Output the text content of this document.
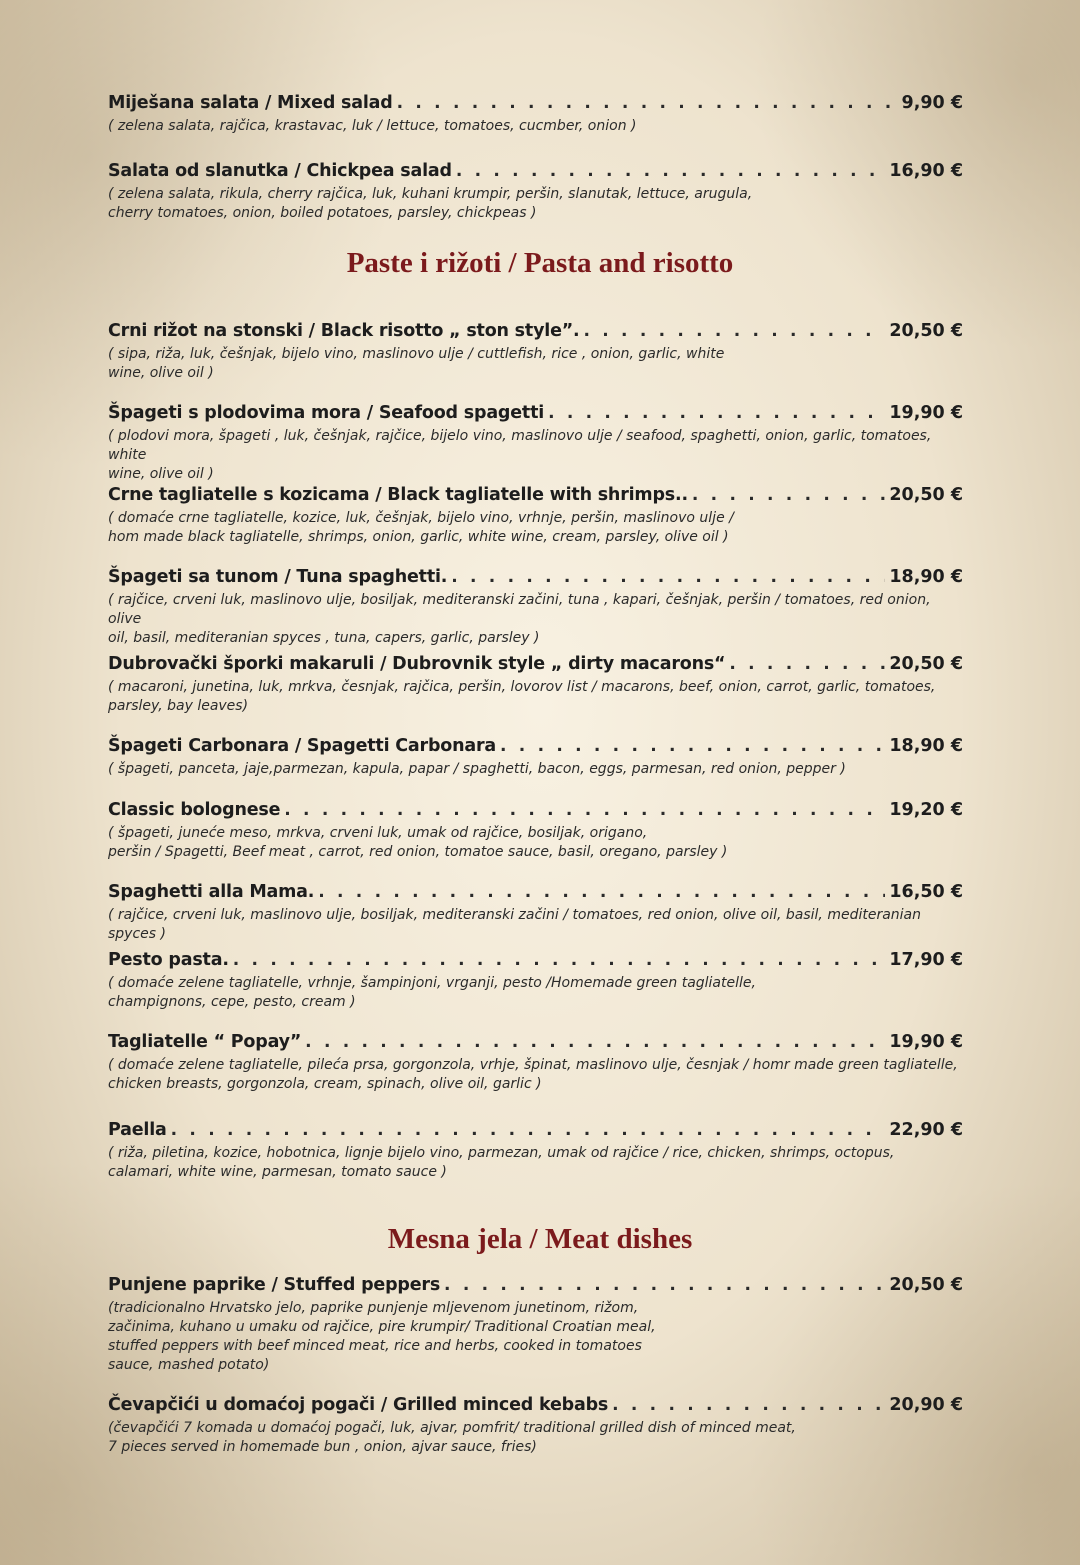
Miješana salata / Mixed salad . . .	9,90 €
( zelena salata, rajčica, krastavac, luk / lettuce, tomatoes, cucmber, onion )
Salata od slanutka / Chickpea salad . . .	16,90 €
( zelena salata, rikula, cherry rajčica, luk, kuhani krumpir, peršin, slanutak, lettuce, arugula,
cherry tomatoes, onion, boiled potatoes, parsley, chickpeas )
Paste i rižoti / Pasta and risotto
Crni rižot na stonski / Black risotto „ ston style”. . . .	20,50 €
( sipa, riža, luk, češnjak, bijelo vino, maslinovo ulje / cuttlefish, rice , onion, garlic, white
wine, olive oil )
Špageti s plodovima mora / Seafood spagetti . . .	19,90 €
( plodovi mora, špageti , luk, češnjak, rajčice, bijelo vino, maslinovo ulje / seafood, spaghetti, onion, garlic, tomatoes, white
wine, olive oil )
Crne tagliatelle s kozicama / Black tagliatelle with shrimps.. . . .	20,50 €
( domaće crne tagliatelle, kozice, luk, češnjak, bijelo vino, vrhnje, peršin, maslinovo ulje /
hom made black tagliatelle, shrimps, onion, garlic, white wine, cream, parsley, olive oil )
Špageti sa tunom / Tuna spaghetti. . . .	18,90 €
( rajčice, crveni luk, maslinovo ulje, bosiljak, mediteranski začini, tuna , kapari, češnjak, peršin / tomatoes, red onion, olive
oil, basil, mediteranian spyces , tuna, capers, garlic, parsley )
Dubrovački šporki makaruli / Dubrovnik style „ dirty macarons“ . . .	20,50 €
( macaroni, junetina, luk, mrkva, česnjak, rajčica, peršin, lovorov list / macarons, beef, onion, carrot, garlic, tomatoes,
parsley, bay leaves)
Špageti Carbonara / Spagetti Carbonara . . .	18,90 €
( špageti, panceta, jaje,parmezan, kapula, papar / spaghetti, bacon, eggs, parmesan, red onion, pepper )
Classic bolognese . . .	19,20 €
( špageti, juneće meso, mrkva, crveni luk, umak od rajčice, bosiljak, origano,
peršin / Spagetti, Beef meat , carrot, red onion, tomatoe sauce, basil, oregano, parsley )
Spaghetti alla Mama. . . .	16,50 €
( rajčice, crveni luk, maslinovo ulje, bosiljak, mediteranski začini / tomatoes, red onion, olive oil, basil, mediteranian spyces )
Pesto pasta. . . .	17,90 €
( domaće zelene tagliatelle, vrhnje, šampinjoni, vrganji, pesto /Homemade green tagliatelle,
champignons, cepe, pesto, cream )
Tagliatelle “ Popay” . . .	19,90 €
( domaće zelene tagliatelle, pileća prsa, gorgonzola, vrhje, špinat, maslinovo ulje, česnjak / homr made green tagliatelle,
chicken breasts, gorgonzola, cream, spinach, olive oil, garlic )
Paella . . .	22,90 €
( riža, piletina, kozice, hobotnica, lignje bijelo vino, parmezan, umak od rajčice / rice, chicken, shrimps, octopus,
calamari, white wine, parmesan, tomato sauce )
Mesna jela / Meat dishes
Punjene paprike / Stuffed peppers . . .	20,50 €
(tradicionalno Hrvatsko jelo, paprike punjenje mljevenom junetinom, rižom,
začinima, kuhano u umaku od rajčice, pire krumpir/ Traditional Croatian meal,
stuffed peppers with beef minced meat, rice and herbs, cooked in tomatoes
sauce, mashed potato)
Čevapčići u domaćoj pogači / Grilled minced kebabs . . .	20,90 €
(čevapčići 7 komada u domaćoj pogači, luk, ajvar, pomfrit/ traditional grilled dish of minced meat,
7 pieces served in homemade bun , onion, ajvar sauce, fries)
